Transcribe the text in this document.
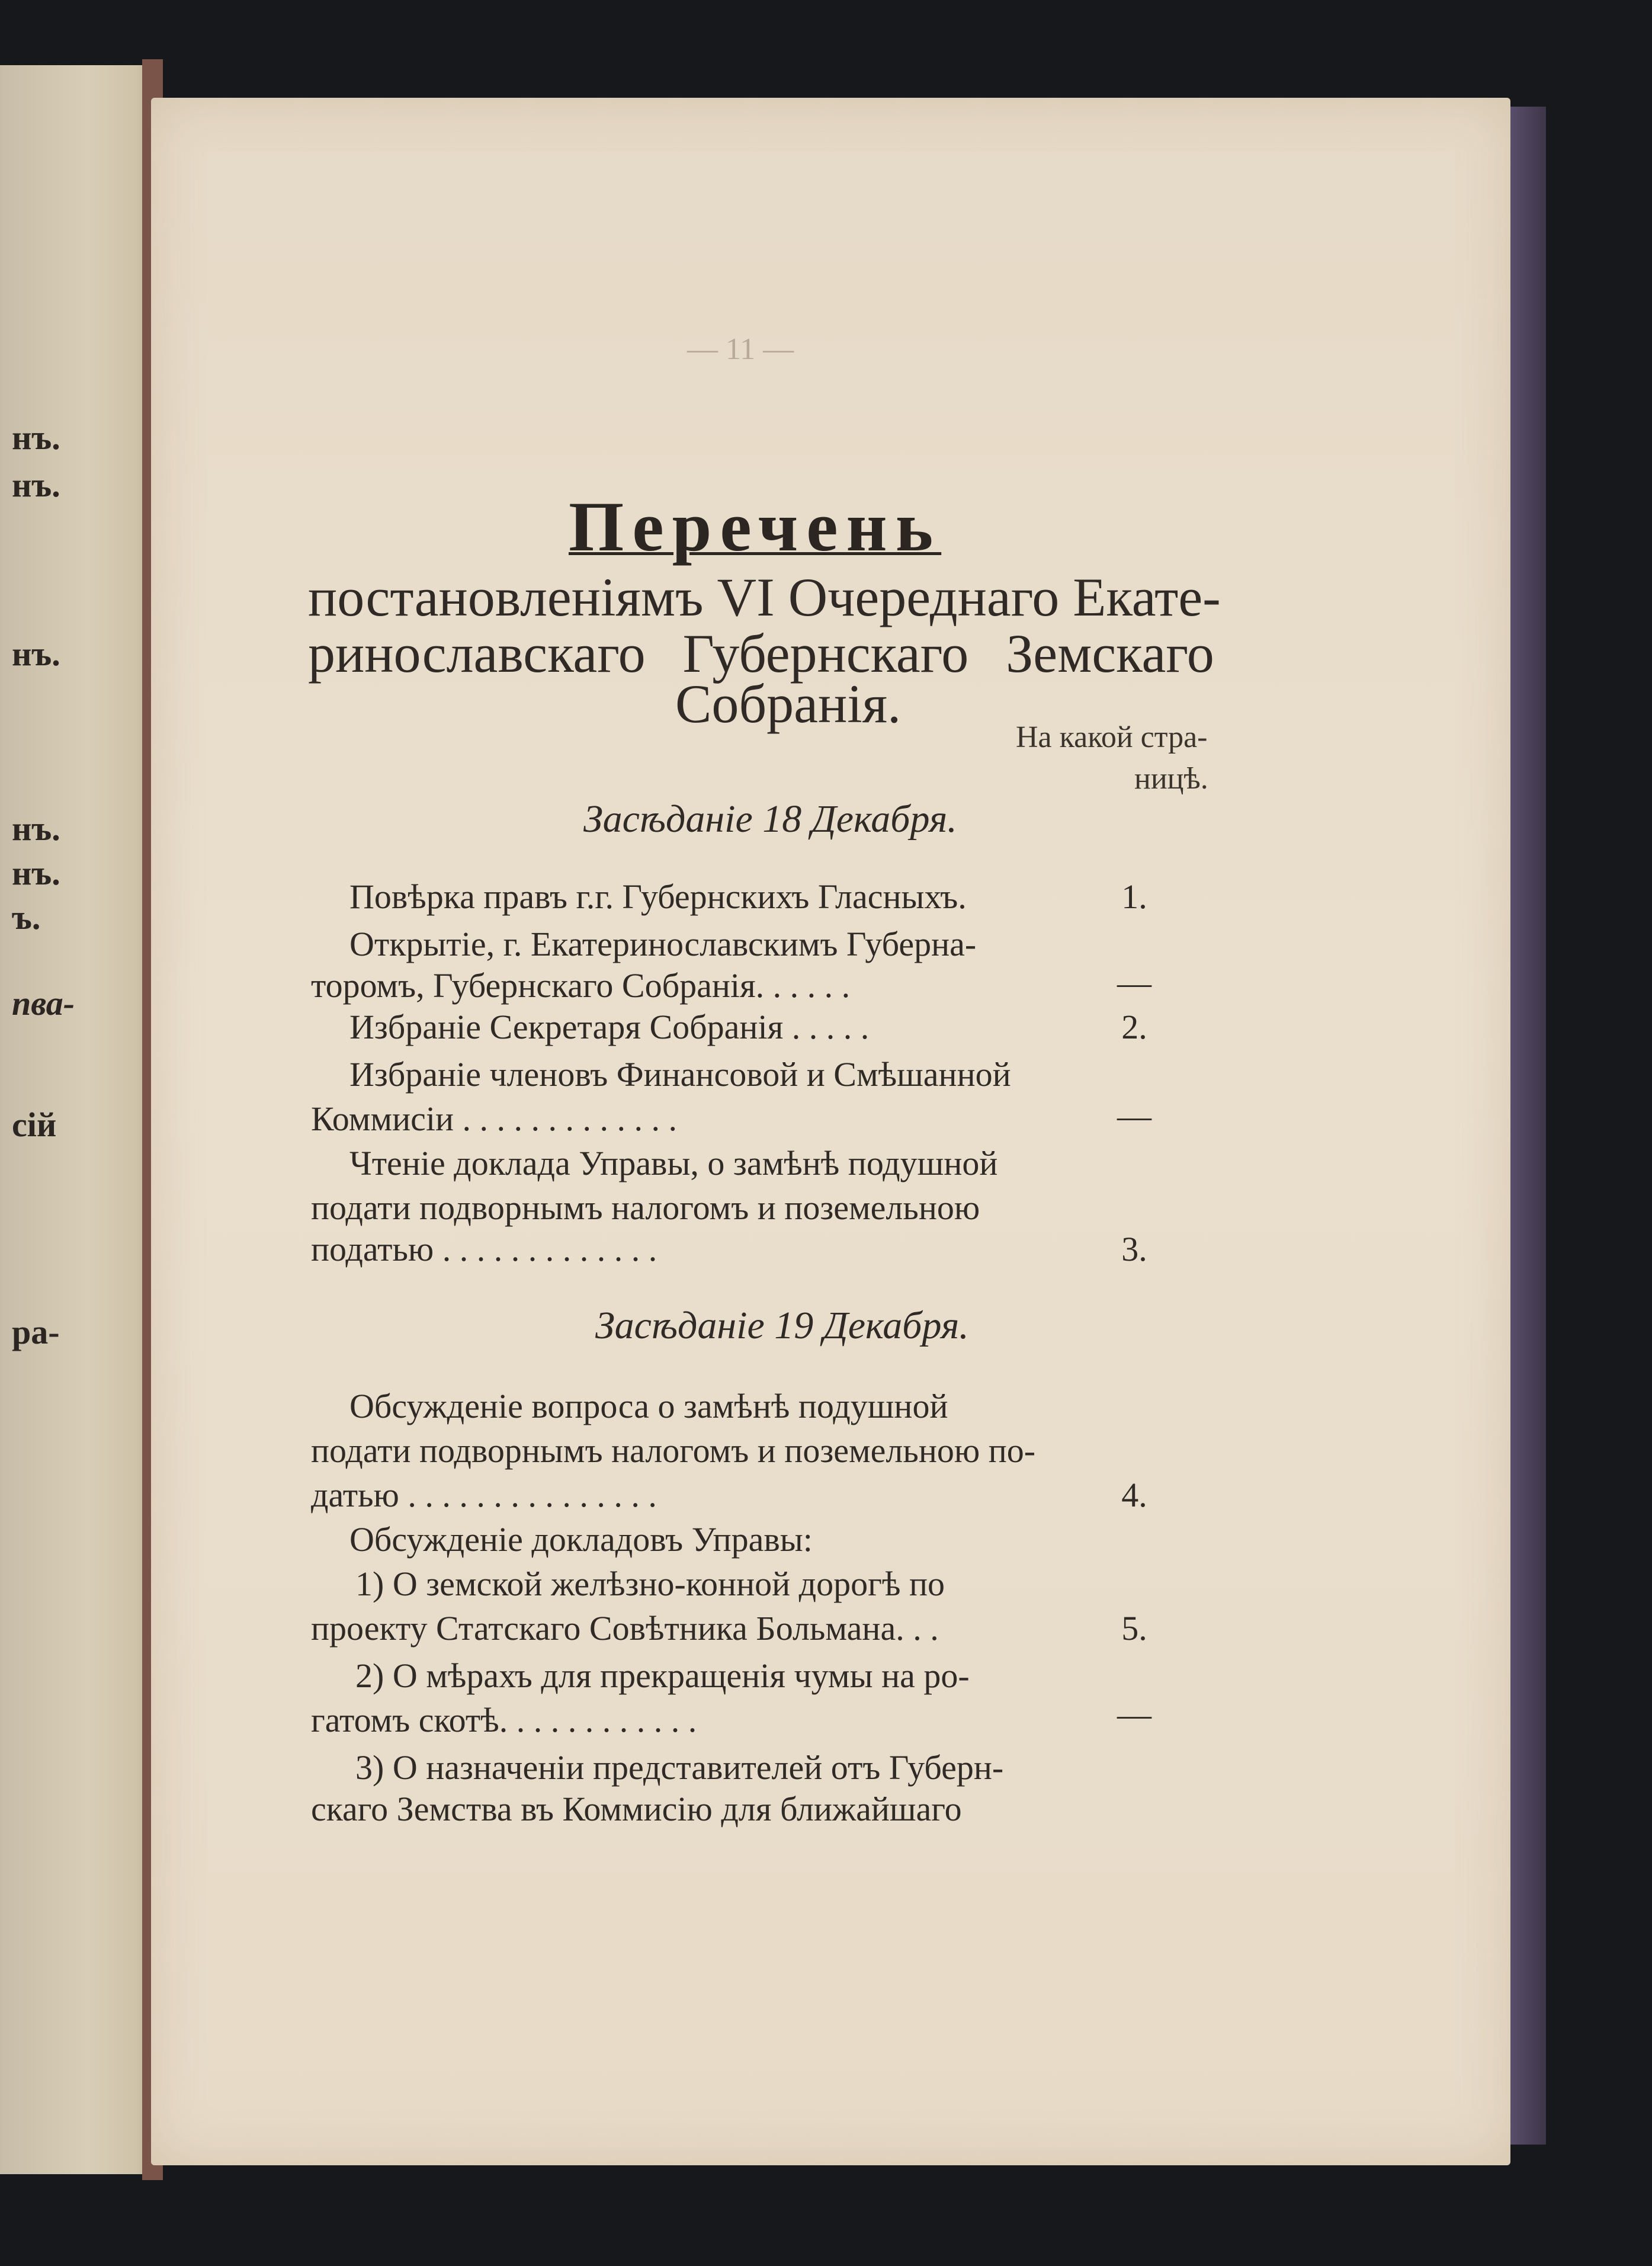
нъ.
нъ.
нъ.
нъ.
нъ.
ъ.
пва-
сій
ра-
— 11 —
Перечень
постановленіямъ VI Очереднаго Екате-
ринославскаго Губернскаго Земскаго
Собранія.
На какой стра-
ницѣ.
Засѣданіе 18 Декабря.
Повѣрка правъ г.г. Губернскихъ Гласныхъ.	1.
Открытіе, г. Екатеринославскимъ Губерна-
торомъ, Губернскаго Собранія. . . . . .	—
Избраніе Секретаря Собранія . . . . .	2.
Избраніе членовъ Финансовой и Смѣшанной
Коммисіи . . . . . . . . . . . . .	—
Чтеніе доклада Управы, о замѣнѣ подушной
подати подворнымъ налогомъ и поземельною
податью . . . . . . . . . . . . .	3.
Засѣданіе 19 Декабря.
Обсужденіе вопроса о замѣнѣ подушной
подати подворнымъ налогомъ и поземельною по-
датью . . . . . . . . . . . . . . .	4.
Обсужденіе докладовъ Управы:
1) О земской желѣзно-конной дорогѣ по
проекту Статскаго Совѣтника Больмана. . .	5.
2) О мѣрахъ для прекращенія чумы на ро-
гатомъ скотѣ. . . . . . . . . . . .	—
3) О назначеніи представителей отъ Губерн-
скаго Земства въ Коммисію для ближайшаго
